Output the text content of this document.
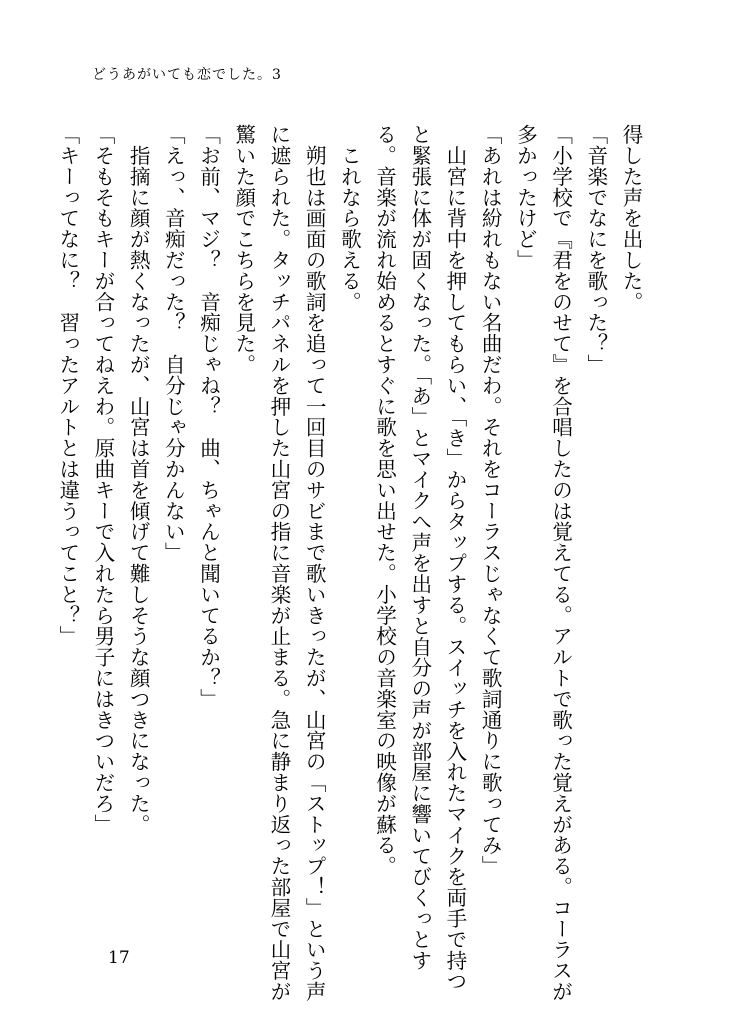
どうあがいても恋でした。3

得した声を出した。

「音楽でなにを歌った？」

「小学校で『君をのせて』を合唱したのは覚えてる。アルトで歌った覚えがある。コーラスが多かったけど」

「あれは紛れもない名曲だわ。それをコーラスじゃなくて歌詞通りに歌ってみ」

　山宮に背中を押してもらい、「き」からタップする。スイッチを入れたマイクを両手で持つと緊張に体が固くなった。「あ」とマイクへ声を出すと自分の声が部屋に響いてびくっとする。音楽が流れ始めるとすぐに歌を思い出せた。小学校の音楽室の映像が蘇る。

　これなら歌える。

　朔也は画面の歌詞を追って一回目のサビまで歌いきったが、山宮の「ストップ！」という声に遮られた。タッチパネルを押した山宮の指に音楽が止まる。急に静まり返った部屋で山宮が驚いた顔でこちらを見た。

「お前、マジ？　音痴じゃね？　曲、ちゃんと聞いてるか？」

「えっ、音痴だった？　自分じゃ分かんない」

　指摘に顔が熱くなったが、山宮は首を傾げて難しそうな顔つきになった。

「そもそもキーが合ってねえわ。原曲キーで入れたら男子にはきついだろ」

「キーってなに？　習ったアルトとは違うってこと？」

17
